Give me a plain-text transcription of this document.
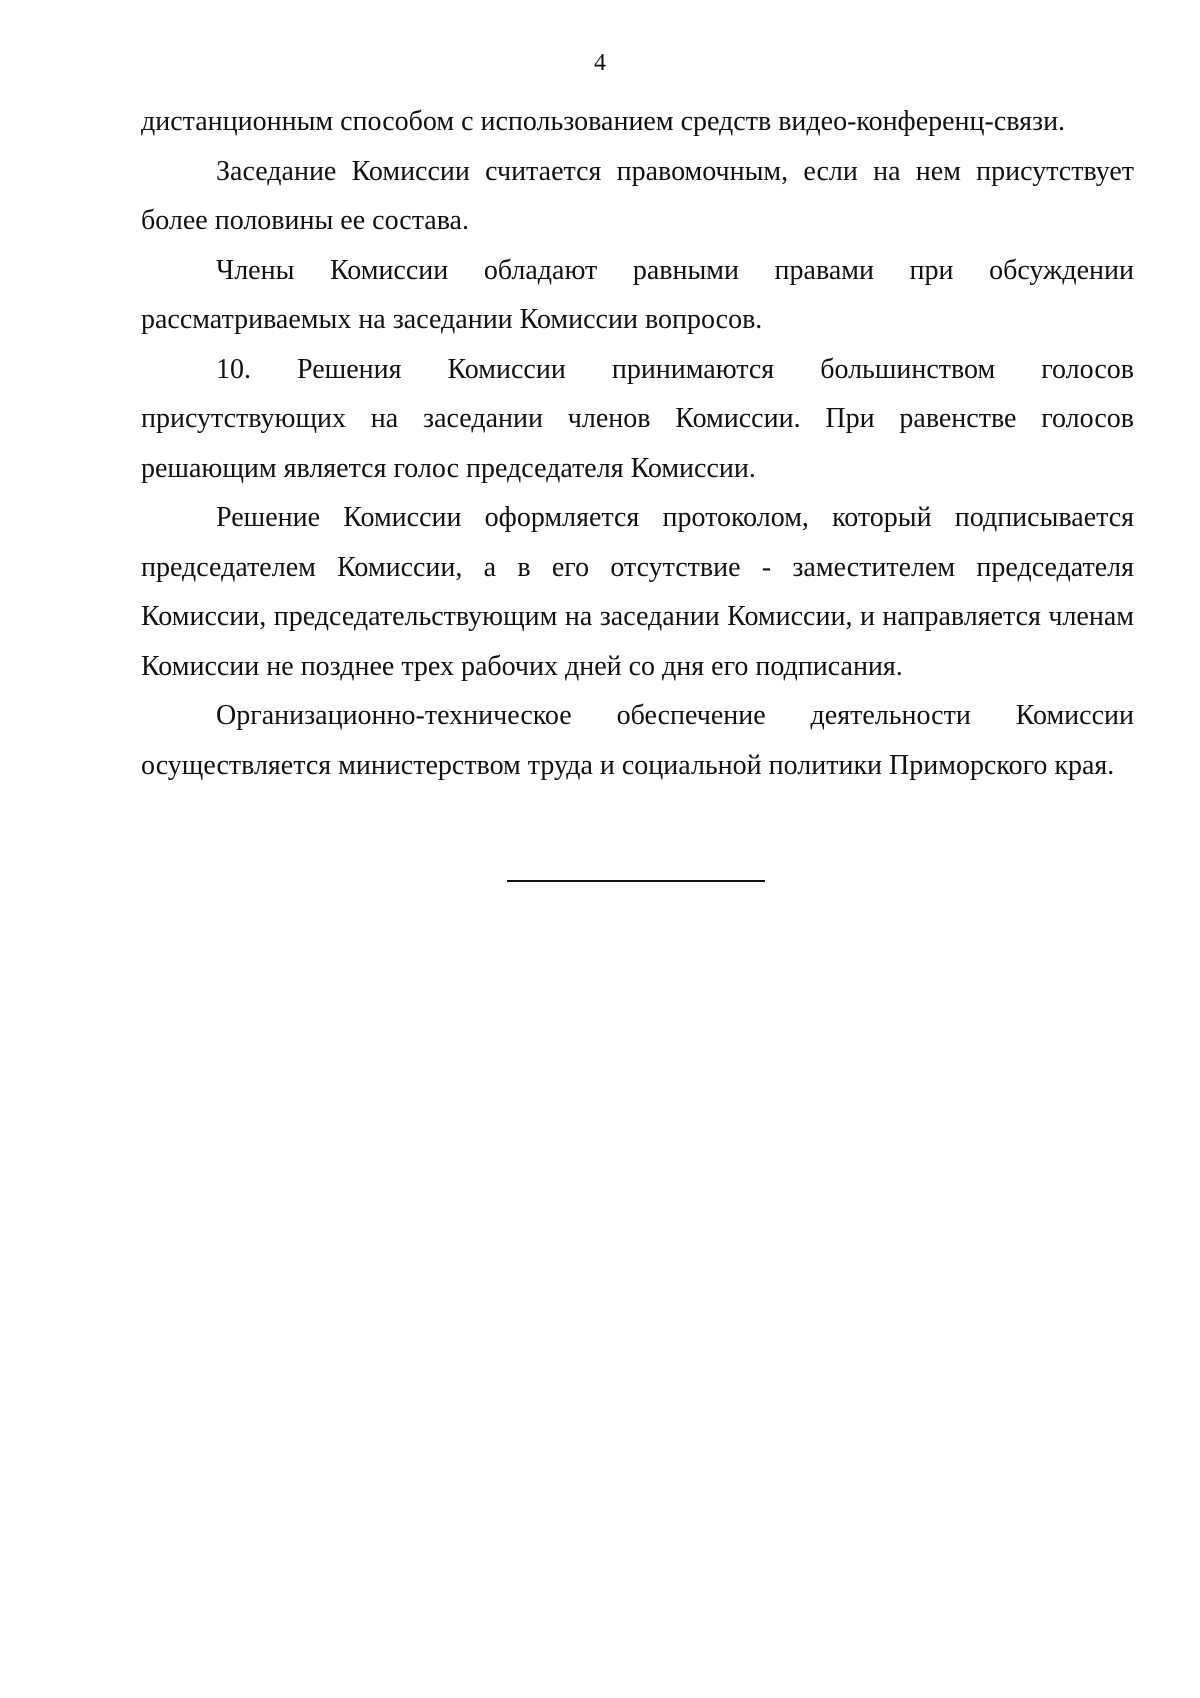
4

дистанционным способом с использованием средств видео-конференц-связи.

Заседание Комиссии считается правомочным, если на нем присутствует более половины ее состава.

Члены Комиссии обладают равными правами при обсуждении рассматриваемых на заседании Комиссии вопросов.

10. Решения Комиссии принимаются большинством голосов присутствующих на заседании членов Комиссии. При равенстве голосов решающим является голос председателя Комиссии.

Решение Комиссии оформляется протоколом, который подписывается председателем Комиссии, а в его отсутствие - заместителем председателя Комиссии, председательствующим на заседании Комиссии, и направляется членам Комиссии не позднее трех рабочих дней со дня его подписания.

Организационно-техническое обеспечение деятельности Комиссии осуществляется министерством труда и социальной политики Приморского края.
